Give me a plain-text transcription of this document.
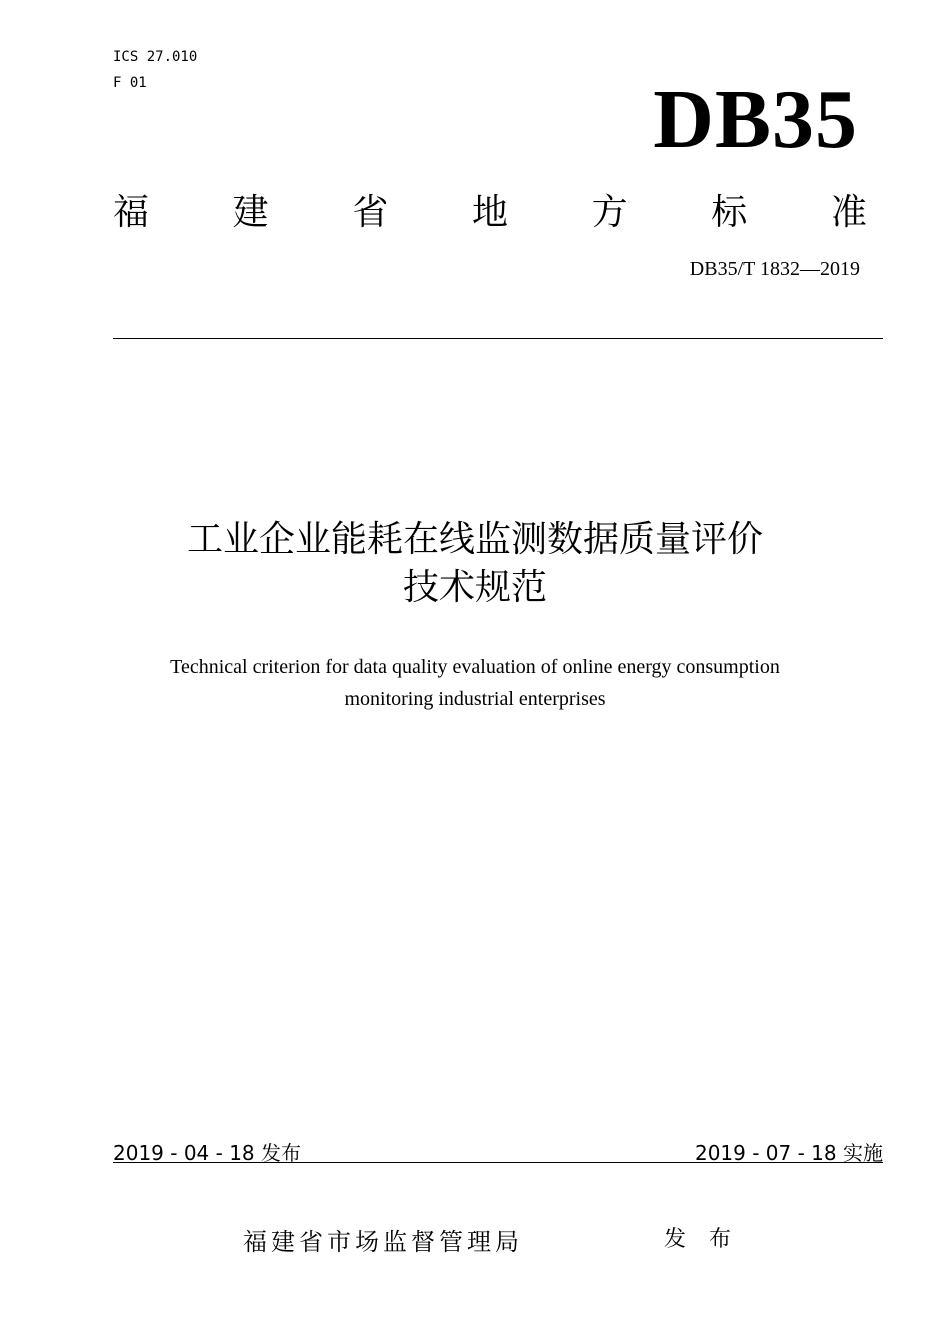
ICS 27.010
F 01	DB35
福 建 省 地 方 标 准
DB35/T 1832—2019
工业企业能耗在线监测数据质量评价
技术规范
Technical criterion for data quality evaluation of online energy consumption
monitoring industrial enterprises
2019 - 04 - 18 发布	2019 - 07 - 18 实施
福建省市场监督管理局	发 布
